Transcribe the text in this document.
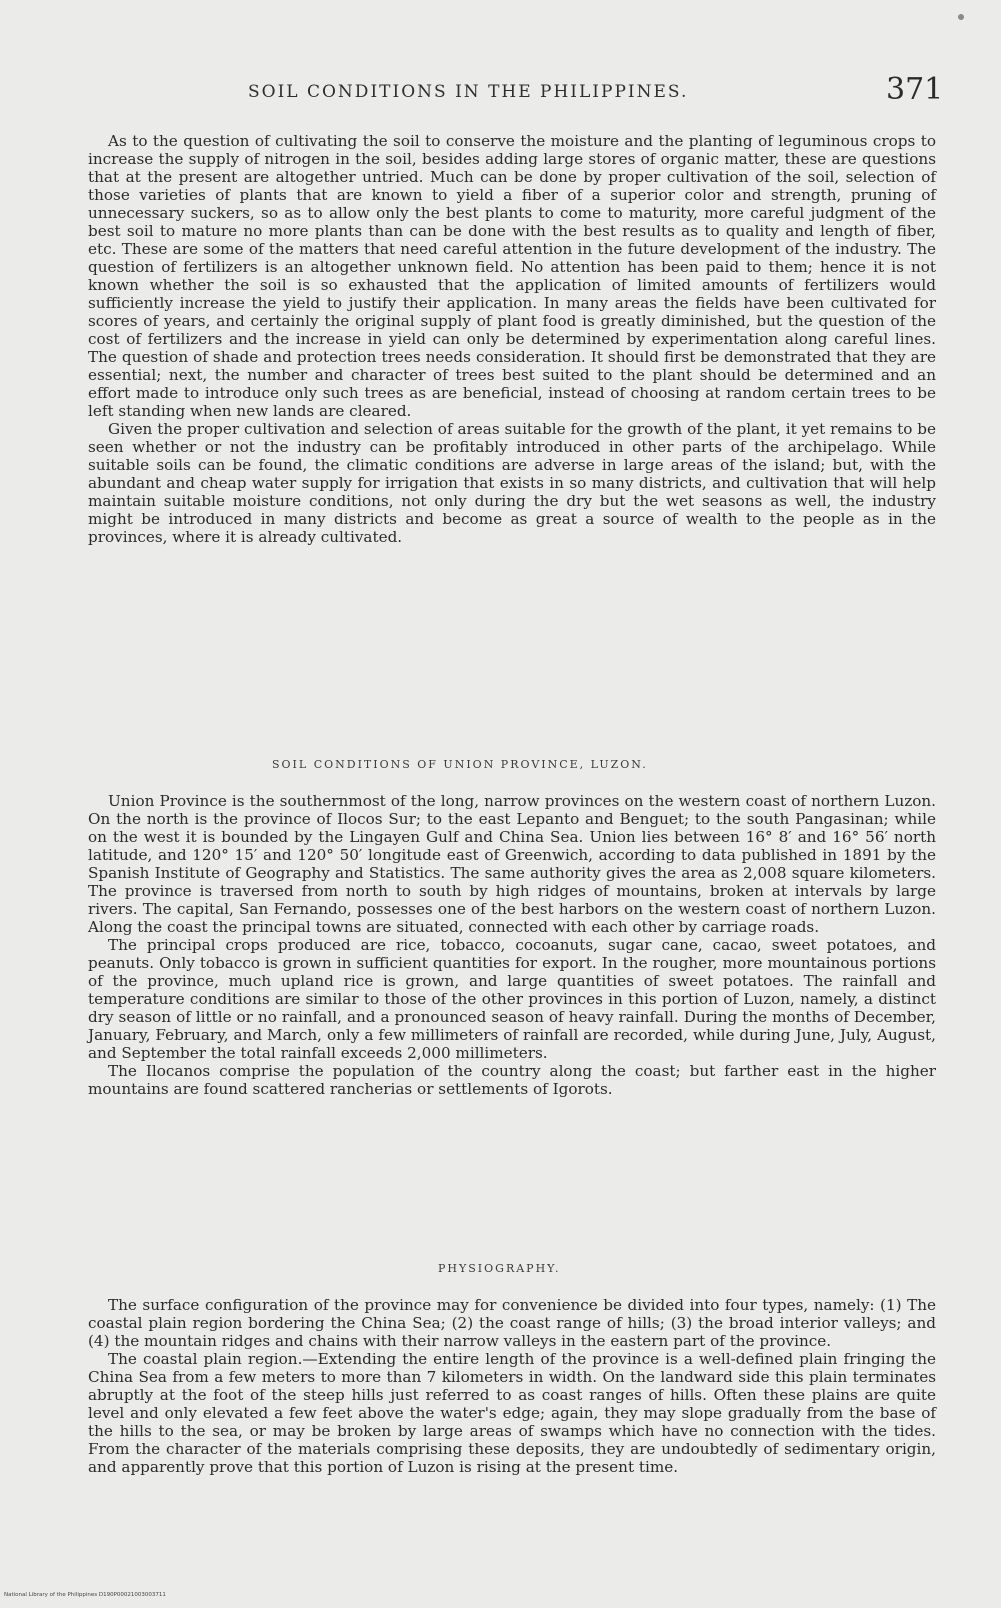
SOIL CONDITIONS IN THE PHILIPPINES.	371

As to the question of cultivating the soil to conserve the moisture and the planting of leguminous crops to increase the supply of nitrogen in the soil, besides adding large stores of organic matter, these are questions that at the present are altogether untried. Much can be done by proper cultivation of the soil, selection of those varieties of plants that are known to yield a fiber of a superior color and strength, pruning of unnecessary suckers, so as to allow only the best plants to come to maturity, more careful judgment of the best soil to mature no more plants than can be done with the best results as to quality and length of fiber, etc. These are some of the matters that need careful attention in the future development of the industry. The question of fertilizers is an altogether unknown field. No attention has been paid to them; hence it is not known whether the soil is so exhausted that the application of limited amounts of fertilizers would sufficiently increase the yield to justify their application. In many areas the fields have been cultivated for scores of years, and certainly the original supply of plant food is greatly diminished, but the question of the cost of fertilizers and the increase in yield can only be determined by experimentation along careful lines. The question of shade and protection trees needs consideration. It should first be demonstrated that they are essential; next, the number and character of trees best suited to the plant should be determined and an effort made to introduce only such trees as are beneficial, instead of choosing at random certain trees to be left standing when new lands are cleared.

Given the proper cultivation and selection of areas suitable for the growth of the plant, it yet remains to be seen whether or not the industry can be profitably introduced in other parts of the archipelago. While suitable soils can be found, the climatic conditions are adverse in large areas of the island; but, with the abundant and cheap water supply for irrigation that exists in so many districts, and cultivation that will help maintain suitable moisture conditions, not only during the dry but the wet seasons as well, the industry might be introduced in many districts and become as great a source of wealth to the people as in the provinces, where it is already cultivated.

SOIL CONDITIONS OF UNION PROVINCE, LUZON.

Union Province is the southernmost of the long, narrow provinces on the western coast of northern Luzon. On the north is the province of Ilocos Sur; to the east Lepanto and Benguet; to the south Pangasinan; while on the west it is bounded by the Lingayen Gulf and China Sea. Union lies between 16° 8′ and 16° 56′ north latitude, and 120° 15′ and 120° 50′ longitude east of Greenwich, according to data published in 1891 by the Spanish Institute of Geography and Statistics. The same authority gives the area as 2,008 square kilometers. The province is traversed from north to south by high ridges of mountains, broken at intervals by large rivers. The capital, San Fernando, possesses one of the best harbors on the western coast of northern Luzon. Along the coast the principal towns are situated, connected with each other by carriage roads.

The principal crops produced are rice, tobacco, cocoanuts, sugar cane, cacao, sweet potatoes, and peanuts. Only tobacco is grown in sufficient quantities for export. In the rougher, more mountainous portions of the province, much upland rice is grown, and large quantities of sweet potatoes. The rainfall and temperature conditions are similar to those of the other provinces in this portion of Luzon, namely, a distinct dry season of little or no rainfall, and a pronounced season of heavy rainfall. During the months of December, January, February, and March, only a few millimeters of rainfall are recorded, while during June, July, August, and September the total rainfall exceeds 2,000 millimeters.

The Ilocanos comprise the population of the country along the coast; but farther east in the higher mountains are found scattered rancherias or settlements of Igorots.

PHYSIOGRAPHY.

The surface configuration of the province may for convenience be divided into four types, namely: (1) The coastal plain region bordering the China Sea; (2) the coast range of hills; (3) the broad interior valleys; and (4) the mountain ridges and chains with their narrow valleys in the eastern part of the province.

The coastal plain region.—Extending the entire length of the province is a well-defined plain fringing the China Sea from a few meters to more than 7 kilometers in width. On the landward side this plain terminates abruptly at the foot of the steep hills just referred to as coast ranges of hills. Often these plains are quite level and only elevated a few feet above the water's edge; again, they may slope gradually from the base of the hills to the sea, or may be broken by large areas of swamps which have no connection with the tides. From the character of the materials comprising these deposits, they are undoubtedly of sedimentary origin, and apparently prove that this portion of Luzon is rising at the present time.

National Library of the Philippines D190P00021003003711
